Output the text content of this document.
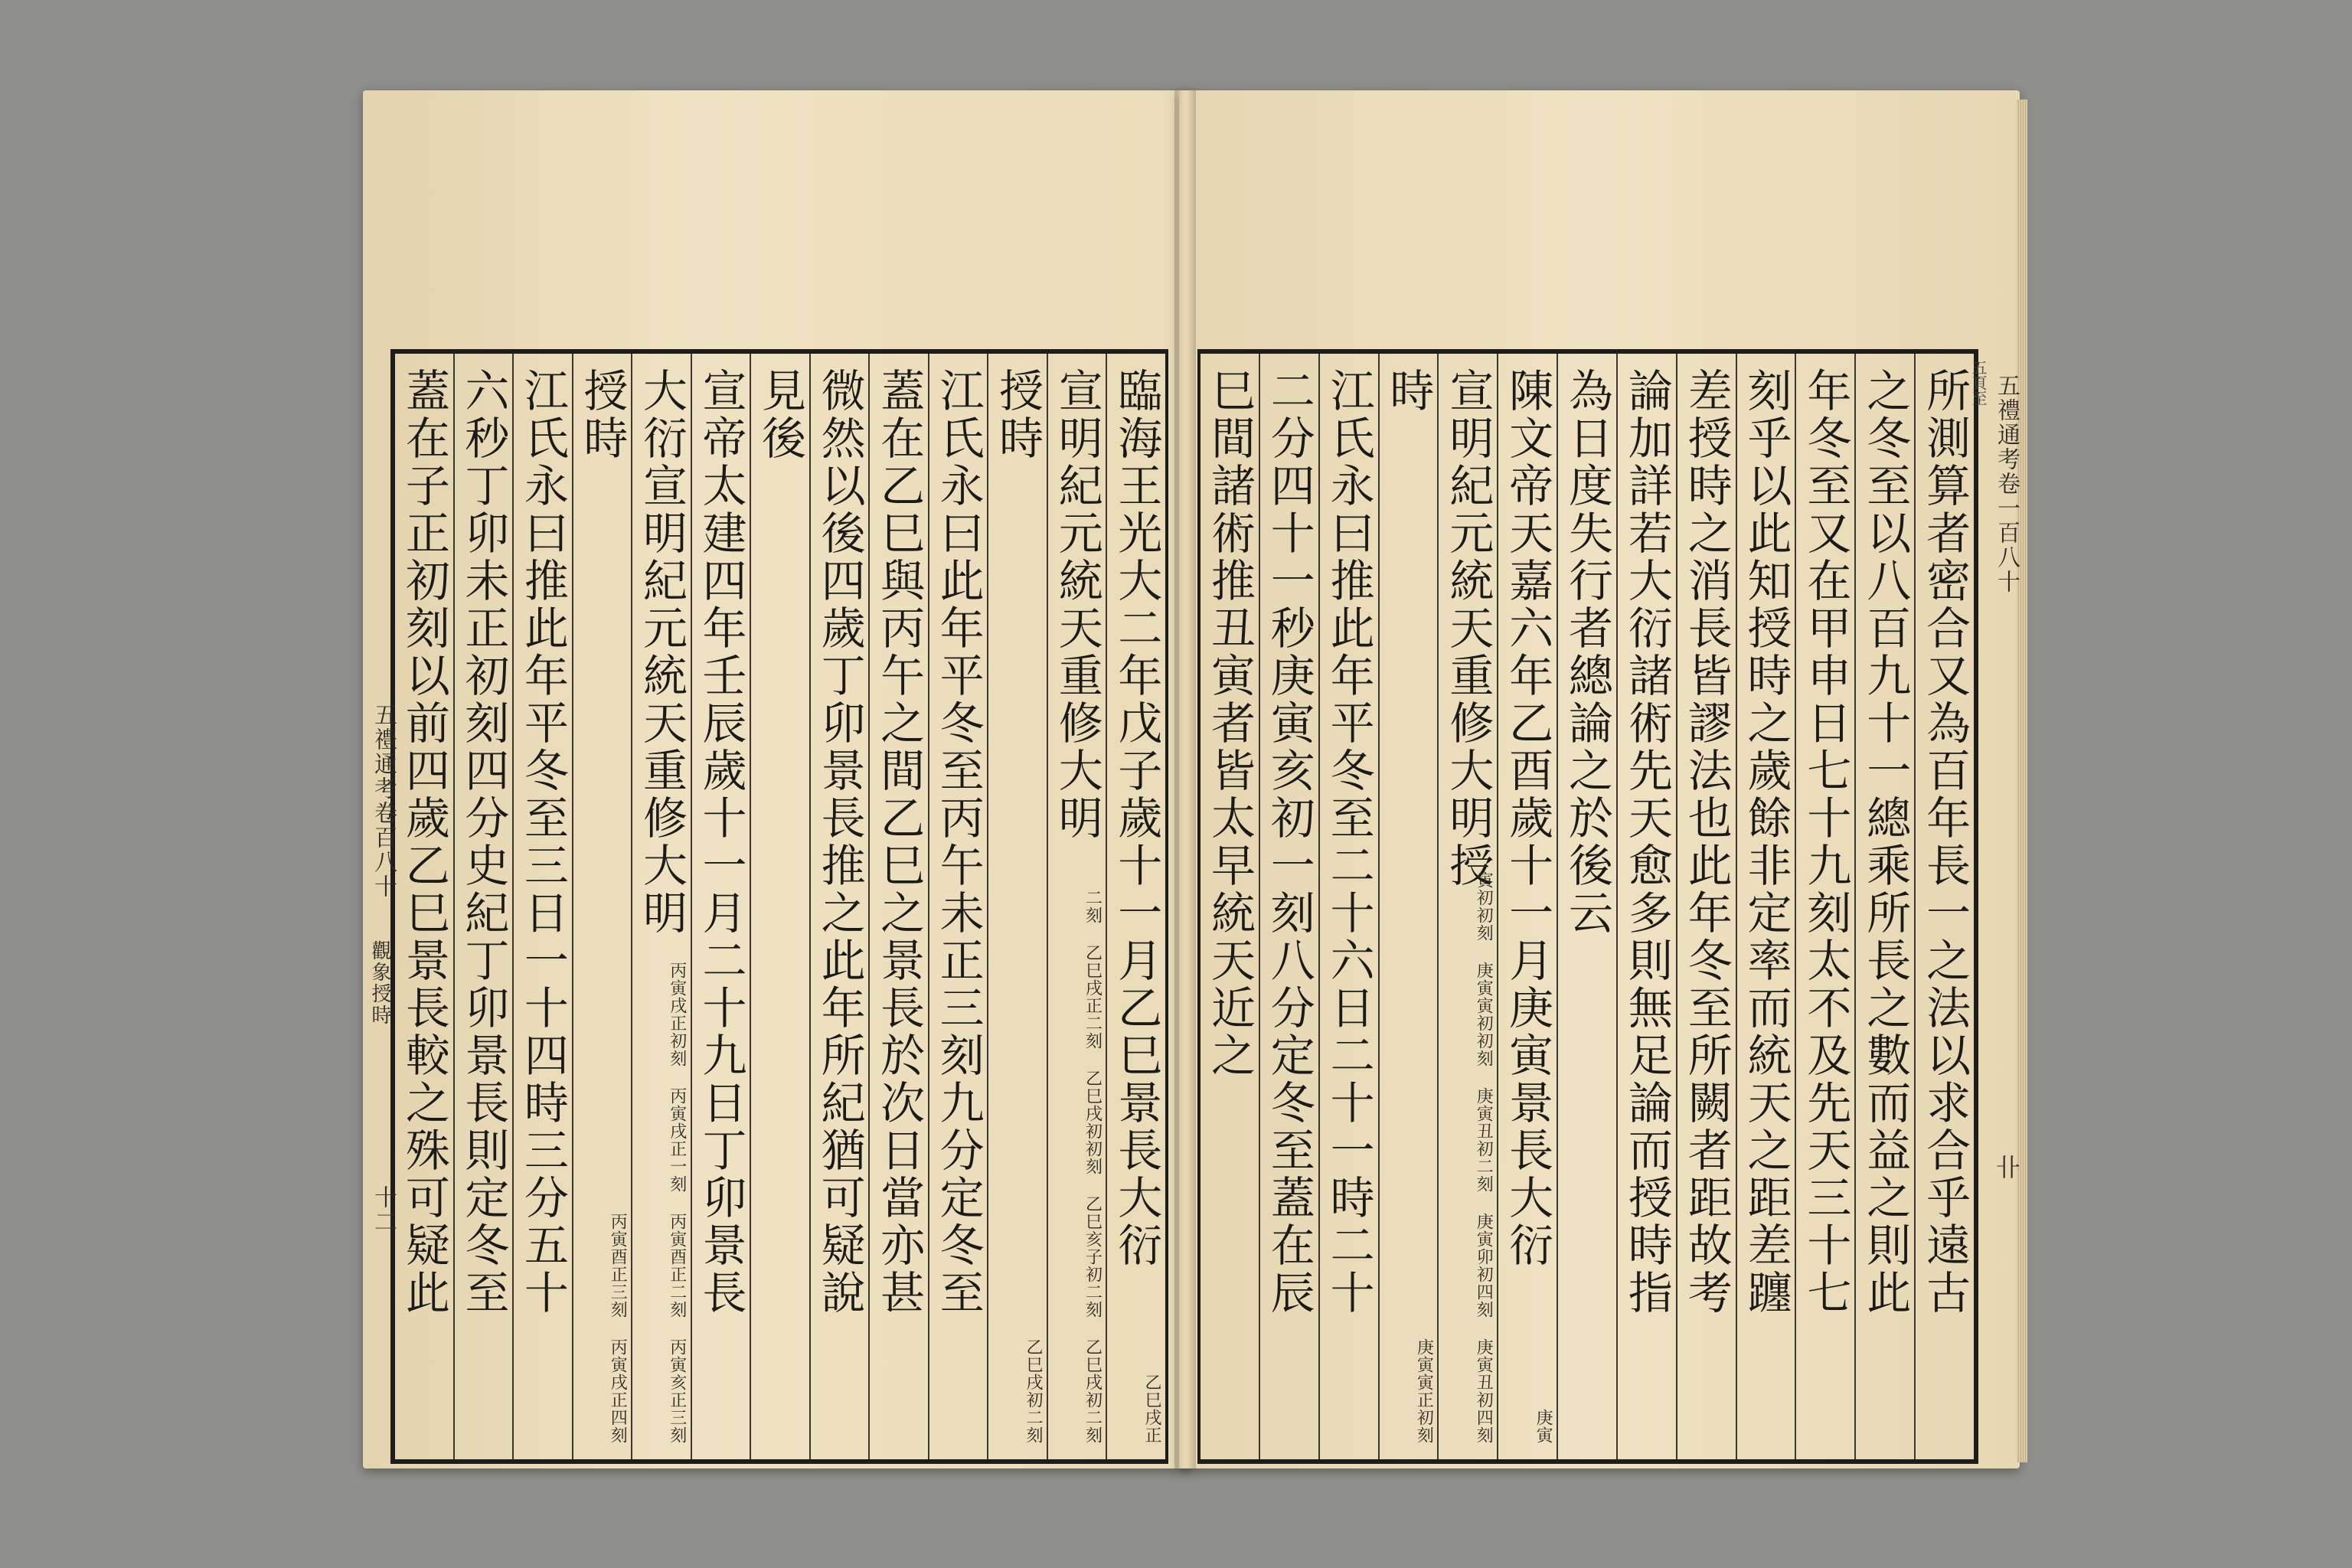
臨海王光大二年戊子歲十一月乙巳景長大衍
乙巳戌正
宣明紀元統天重修大明
二刻 乙巳戌正二刻 乙巳戌初初刻 乙巳亥子初二刻 乙巳戌初二刻
授時
乙巳戌初二刻
江氏永曰此年平冬至丙午未正三刻九分定冬至
蓋在乙巳與丙午之間乙巳之景長於次日當亦甚
微然以後四歲丁卯景長推之此年所紀猶可疑說
見後
宣帝太建四年壬辰歲十一月二十九日丁卯景長
大衍宣明紀元統天重修大明
丙寅戌正初刻 丙寅戌正一刻 丙寅酉正二刻 丙寅亥正三刻
授時
丙寅酉正三刻 丙寅戌正四刻
江氏永曰推此年平冬至三日一十四時三分五十
六秒丁卯未正初刻四分史紀丁卯景長則定冬至
蓋在子正初刻以前四歲乙巳景長較之殊可疑此	所測算者密合又為百年長一之法以求合乎遠古
之冬至以八百九十一總乘所長之數而益之則此
年冬至又在甲申日七十九刻太不及先天三十七
刻乎以此知授時之歲餘非定率而統天之距差躔
差授時之消長皆謬法也此年冬至所闕者距故考
論加詳若大衍諸術先天愈多則無足論而授時指
為日度失行者總論之於後云
陳文帝天嘉六年乙酉歲十一月庚寅景長大衍
庚寅
宣明紀元統天重修大明授
寅初初刻 庚寅寅初初刻 庚寅丑初二刻 庚寅卯初四刻 庚寅丑初四刻
時
庚寅寅正初刻
江氏永曰推此年平冬至二十六日二十一時二十
二分四十一秒庚寅亥初一刻八分定冬至蓋在辰
巳間諸術推丑寅者皆太早統天近之	五頁至 五禮通考卷一百八十
卝
五禮通考卷百八十
觀象授時
十二
